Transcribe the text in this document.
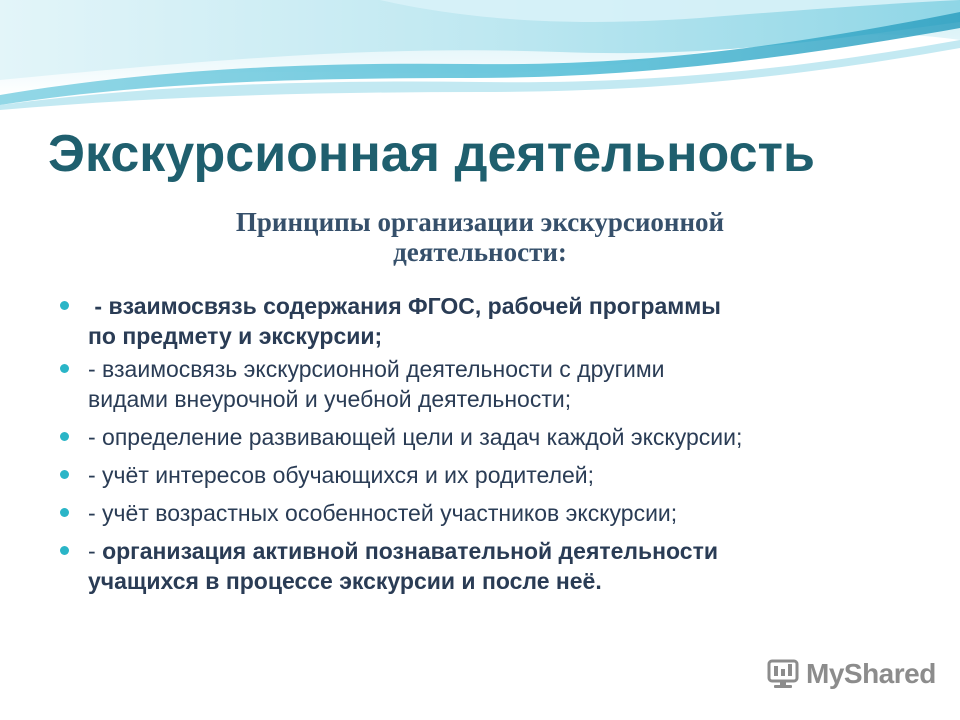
Экскурсионная деятельность
Принципы организации экскурсионной
деятельности:
- взаимосвязь содержания ФГОС, рабочей программы
по предмету и экскурсии;
- взаимосвязь экскурсионной деятельности с другими
видами внеурочной и учебной деятельности;
- определение развивающей цели и задач каждой экскурсии;
- учёт интересов обучающихся и их родителей;
- учёт возрастных особенностей участников экскурсии;
- организация активной познавательной деятельности
учащихся в процессе экскурсии и после неё.
MyShared
